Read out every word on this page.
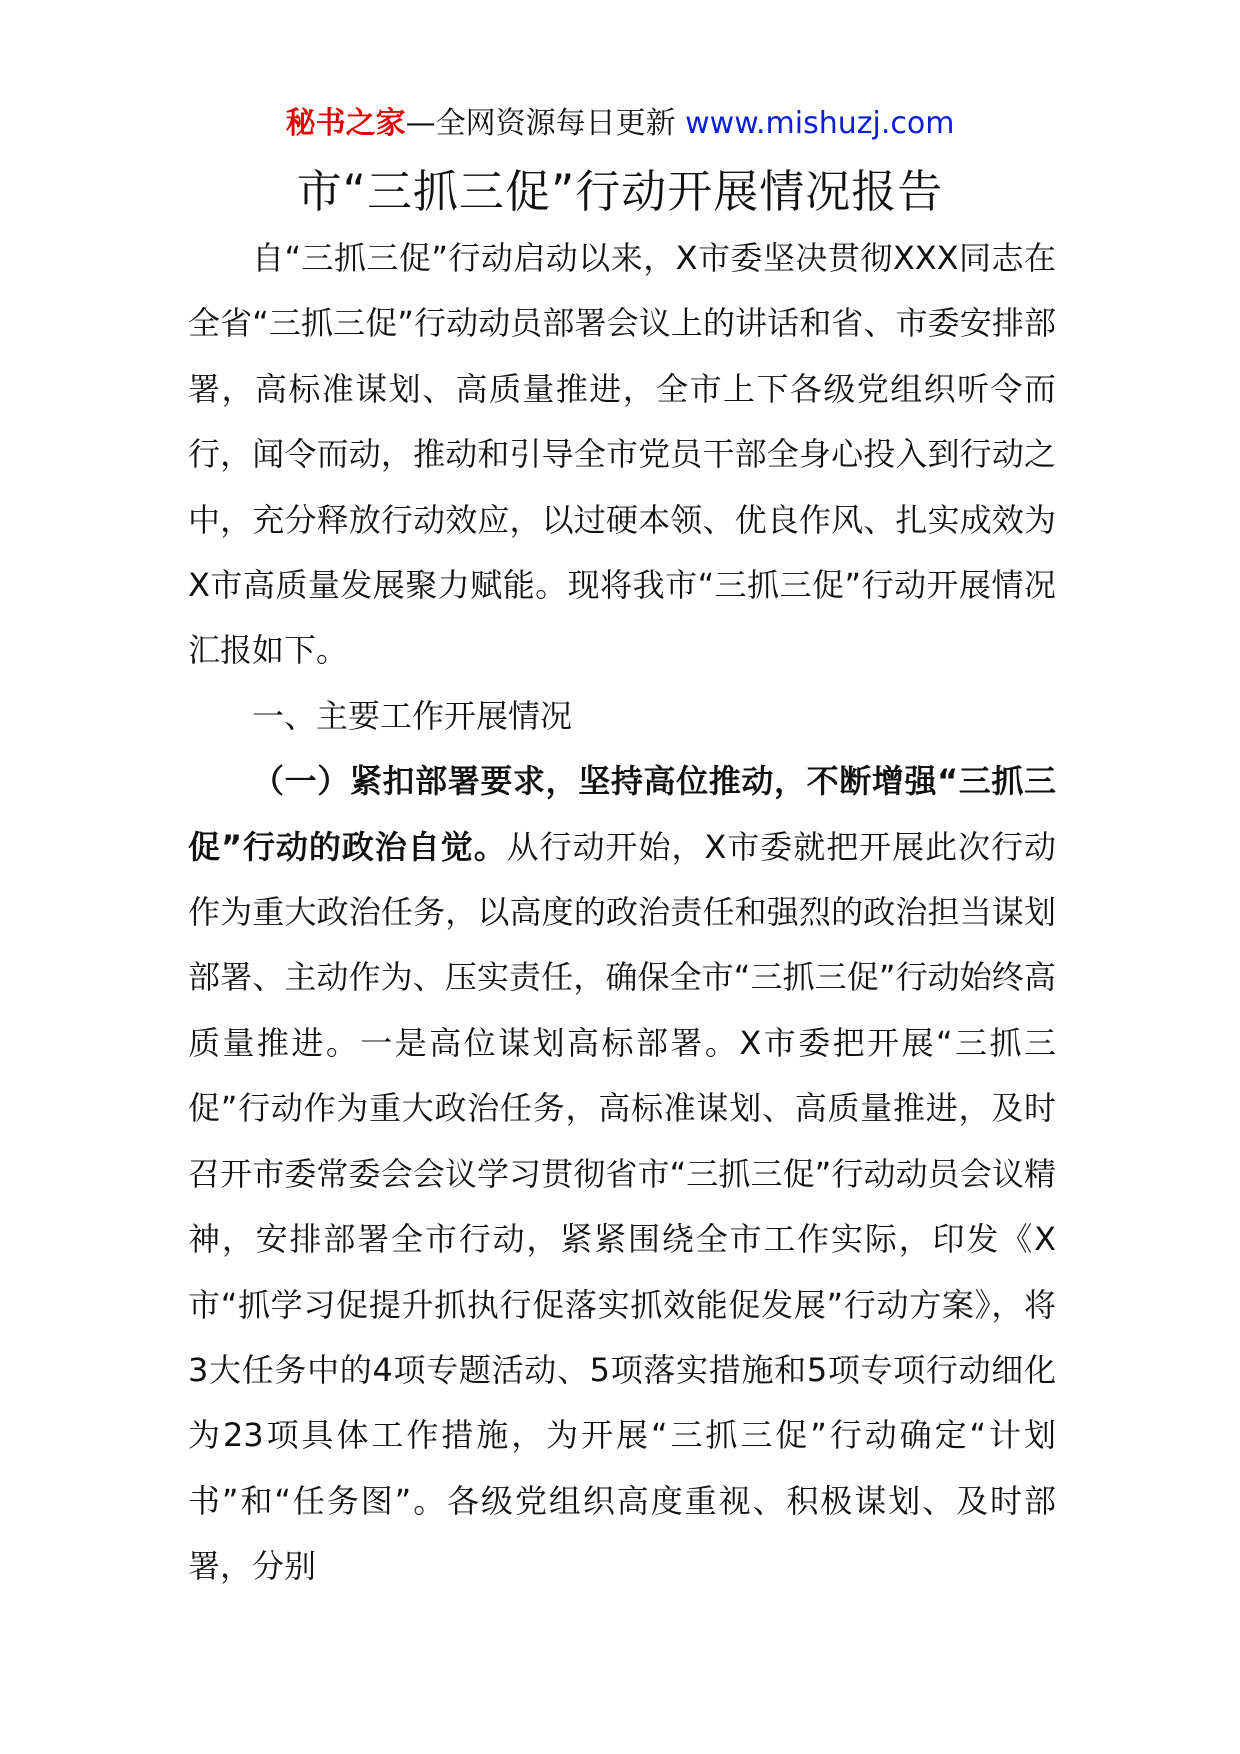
秘书之家—全网资源每日更新 www.mishuzj.com
市“三抓三促”行动开展情况报告

自“三抓三促”行动启动以来，X市委坚决贯彻XXX同志在全省“三抓三促”行动动员部署会议上的讲话和省、市委安排部署，高标准谋划、高质量推进，全市上下各级党组织听令而行，闻令而动，推动和引导全市党员干部全身心投入到行动之中，充分释放行动效应，以过硬本领、优良作风、扎实成效为X市高质量发展聚力赋能。现将我市“三抓三促”行动开展情况汇报如下。

一、主要工作开展情况

（一）紧扣部署要求，坚持高位推动，不断增强“三抓三促”行动的政治自觉。从行动开始，X市委就把开展此次行动作为重大政治任务，以高度的政治责任和强烈的政治担当谋划部署、主动作为、压实责任，确保全市“三抓三促”行动始终高质量推进。一是高位谋划高标部署。X市委把开展“三抓三促”行动作为重大政治任务，高标准谋划、高质量推进，及时召开市委常委会会议学习贯彻省市“三抓三促”行动动员会议精神，安排部署全市行动，紧紧围绕全市工作实际，印发《X市“抓学习促提升抓执行促落实抓效能促发展”行动方案》，将3大任务中的4项专题活动、5项落实措施和5项专项行动细化为23项具体工作措施，为开展“三抓三促”行动确定“计划书”和“任务图”。各级党组织高度重视、积极谋划、及时部署，分别
